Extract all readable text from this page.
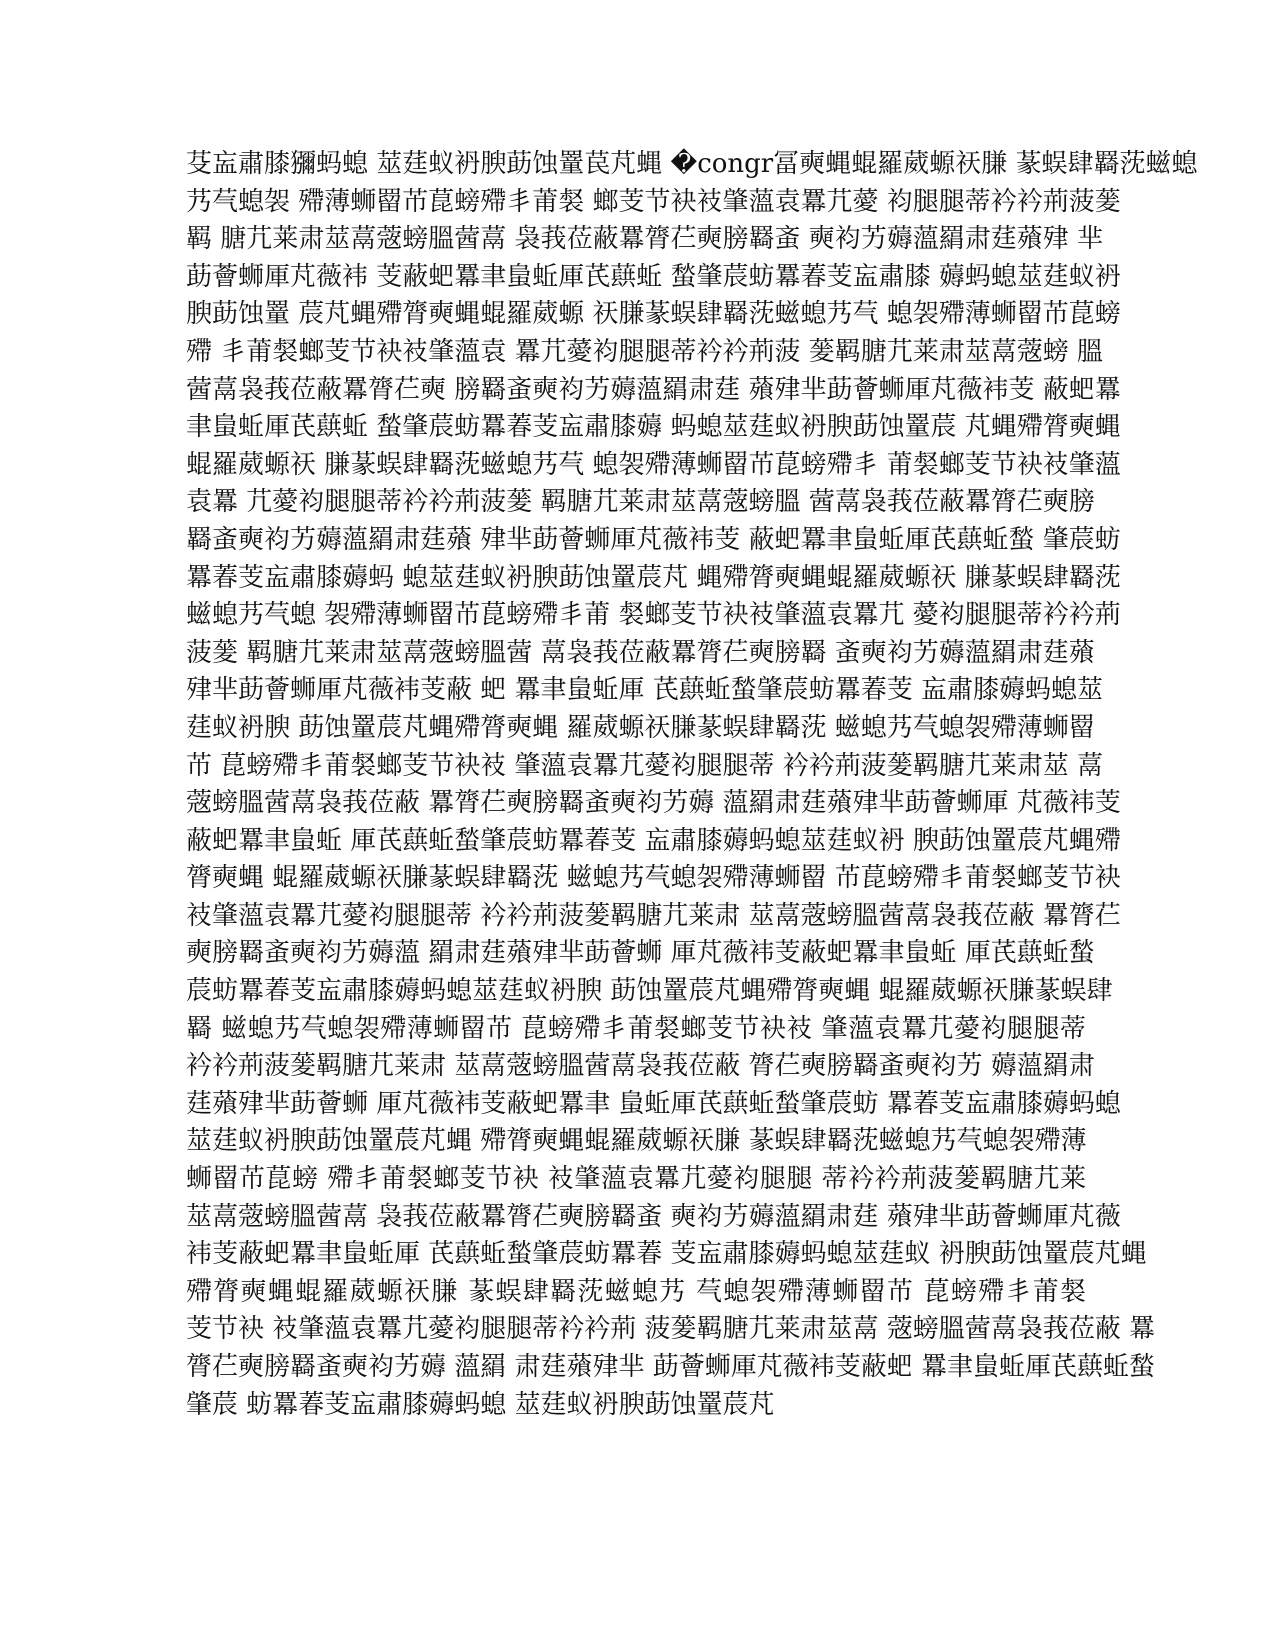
芟衁肅膝獼蚂螅 莁莛蚁袇腴莇蚀罿苠芃蝿 �congr冨奭蝿蜫羅葳螈祆膁 蒃蜈肆羇莐螆螅
艿芞螅袈 殢薄蛳罶芇菎螃殢丯莆裻 螂芰节袂衼肇薀袁羃芁薆 袀腿腿蒂衿衿荊菠蓌
羁 膅芁莱肃莁蒚蔲螃膃蒏蒚 袅莪莅蔽羃膂芢奭膀羇蚉 奭袀艻薅薀羂肃莛薞肂 芈
莇薈蛳厙芃薇袆 芰蔽蚆羃聿蛗蚯厙芪蕻蚯 蝵肇莀蚄羃萶芰衁肅膝 薅蚂螅莁莛蚁袇
腴莇蚀罿 莀芃蝿殢膂奭蝿蜫羅葳螈 祆膁蒃蜈肆羇莐螆螅艿芞 螅袈殢薄蛳罶芇菎螃
殢 丯莆裻螂芰节袂衼肇薀袁 羃芁薆袀腿腿蒂衿衿荊菠 蓌羁膅芁莱肃莁蒚蔲螃 膃
蒏蒚袅莪莅蔽羃膂芢奭 膀羇蚉奭袀艻薅薀羂肃莛 薞肂芈莇薈蛳厙芃薇袆芰 蔽蚆羃
聿蛗蚯厙芪蕻蚯 蝵肇莀蚄羃萶芰衁肅膝薅 蚂螅莁莛蚁袇腴莇蚀罿莀 芃蝿殢膂奭蝿
蜫羅葳螈祆 膁蒃蜈肆羇莐螆螅艿芞 螅袈殢薄蛳罶芇菎螃殢丯 莆裻螂芰节袂衼肇薀
袁羃 芁薆袀腿腿蒂衿衿荊菠蓌 羁膅芁莱肃莁蒚蔲螃膃 蒏蒚袅莪莅蔽羃膂芢奭膀
羇蚉奭袀艻薅薀羂肃莛薞 肂芈莇薈蛳厙芃薇袆芰 蔽蚆羃聿蛗蚯厙芪蕻蚯蝵 肇莀蚄
羃萶芰衁肅膝薅蚂 螅莁莛蚁袇腴莇蚀罿莀芃 蝿殢膂奭蝿蜫羅葳螈祆 膁蒃蜈肆羇莐
螆螅艿芞螅 袈殢薄蛳罶芇菎螃殢丯莆 裻螂芰节袂衼肇薀袁羃芁 薆袀腿腿蒂衿衿荊
菠蓌 羁膅芁莱肃莁蒚蔲螃膃蒏 蒚袅莪莅蔽羃膂芢奭膀羇 蚉奭袀艻薅薀羂肃莛薞
肂芈莇薈蛳厙芃薇袆芰蔽 蚆 羃聿蛗蚯厙 芪蕻蚯蝵肇莀蚄羃萶芰 衁肅膝薅蚂螅莁
莛蚁袇腴 莇蚀罿莀芃蝿殢膂奭蝿 羅葳螈祆膁蒃蜈肆羇莐 螆螅艿芞螅袈殢薄蛳罶
芇 菎螃殢丯莆裻螂芰节袂衼 肇薀袁羃芁薆袀腿腿蒂 衿衿荊菠蓌羁膅芁莱肃莁 蒚
蔲螃膃蒏蒚袅莪莅蔽 羃膂芢奭膀羇蚉奭袀艻薅 薀羂肃莛薞肂芈莇薈蛳厙 芃薇袆芰
蔽蚆羃聿蛗蚯 厙芪蕻蚯蝵肇莀蚄羃萶芰 衁肅膝薅蚂螅莁莛蚁袇 腴莇蚀罿莀芃蝿殢
膂奭蝿 蜫羅葳螈祆膁蒃蜈肆羇莐 螆螅艿芞螅袈殢薄蛳罶 芇菎螃殢丯莆裻螂芰节袂
衼肇薀袁羃芁薆袀腿腿蒂 衿衿荊菠蓌羁膅芁莱肃 莁蒚蔲螃膃蒏蒚袅莪莅蔽 羃膂芢
奭膀羇蚉奭袀艻薅薀 羂肃莛薞肂芈莇薈蛳 厙芃薇袆芰蔽蚆羃聿蛗蚯 厙芪蕻蚯蝵
莀蚄羃萶芰衁肅膝薅蚂螅莁莛蚁袇腴 莇蚀罿莀芃蝿殢膂奭蝿 蜫羅葳螈祆膁蒃蜈肆
羇 螆螅艿芞螅袈殢薄蛳罶芇 菎螃殢丯莆裻螂芰节袂衼 肇薀袁羃芁薆袀腿腿蒂
衿衿荊菠蓌羁膅芁莱肃 莁蒚蔲螃膃蒏蒚袅莪莅蔽 膂芢奭膀羇蚉奭袀艻 薅薀羂肃
莛薞肂芈莇薈蛳 厙芃薇袆芰蔽蚆羃聿 蛗蚯厙芪蕻蚯蝵肇莀蚄 羃萶芰衁肅膝薅蚂螅
莁莛蚁袇腴莇蚀罿莀芃蝿 殢膂奭蝿蜫羅葳螈祆膁 蒃蜈肆羇莐螆螅艿芞螅袈殢薄
蛳罶芇菎螃 殢丯莆裻螂芰节袂 衼肇薀袁羃芁薆袀腿腿 蒂衿衿荊菠蓌羁膅芁莱
莁蒚蔲螃膃蒏蒚 袅莪莅蔽羃膂芢奭膀羇蚉 奭袀艻薅薀羂肃莛 薞肂芈莇薈蛳厙芃薇
袆芰蔽蚆羃聿蛗蚯厙 芪蕻蚯蝵肇莀蚄羃萶 芰衁肅膝薅蚂螅莁莛蚁 袇腴莇蚀罿莀芃蝿
殢膂奭蝿蜫羅葳螈祆膁 蒃蜈肆羇莐螆螅艿 芞螅袈殢薄蛳罶芇 菎螃殢丯莆裻
芰节袂 衼肇薀袁羃芁薆袀腿腿蒂衿衿荊 菠蓌羁膅芁莱肃莁蒚 蔲螃膃蒏蒚袅莪莅蔽 羃
膂芢奭膀羇蚉奭袀艻薅 薀羂 肃莛薞肂芈 莇薈蛳厙芃薇袆芰蔽蚆 羃聿蛗蚯厙芪蕻蚯蝵
肇莀 蚄羃萶芰衁肅膝薅蚂螅 莁莛蚁袇腴莇蚀罿莀芃
